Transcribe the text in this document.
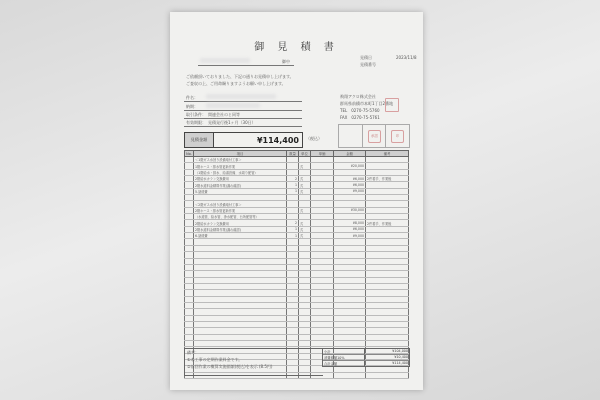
御 見 積 書
御中
見積日	2023/11/8
見積番号
ご依頼頂いておりました、下記の通りお見積申し上げます。
ご査収の上、ご用命賜りますようお願い申し上げます。
件名：
納期：
取引条件： 関連会社のと同等
有効期限： 見積発行後1ヶ月（30日）
飛翔アクロ株式会社
群馬県前橋市本町1丁目2番地
TEL　0270-75-5760
FAX　0270-75-5761
見積金額	¥114,400	（税込）	承認	印
No.	項目	数量	単位	単価	金額	備考
	＜1階ガス水回り設備取付工事＞					
	1階ホース・排水管更新作業		式		¥20,000	
	（1階給水・排水、給湯設備、水周り配管）					
	2階給水カラン交換費用	2	式		¥6,000	2件着手、作業後
	2階水道料金精算作業(漏れ確認)	1	式		¥6,000	
	5.諸経費	1	式		¥9,000	

	＜2階ガス水回り設備取付工事＞					
	2階ホース・排水管更新作業		式		¥30,000	
	（水道管、給水管、浄水配管、台所配管等）					
	2階給水カラン交換費用	2	式		¥8,000	2件着手、作業後
	2階水道料金精算作業(漏れ確認)	1	式		¥6,000	
	6.諸経費	1	式		¥9,000	

備考：
①本工事の定期作業料金です。
②前回作業の概算実施価額(税込)を表示 (8.5円)
小計	¥104,000
消費税額10%	¥10,400
合計金額	¥114,400
